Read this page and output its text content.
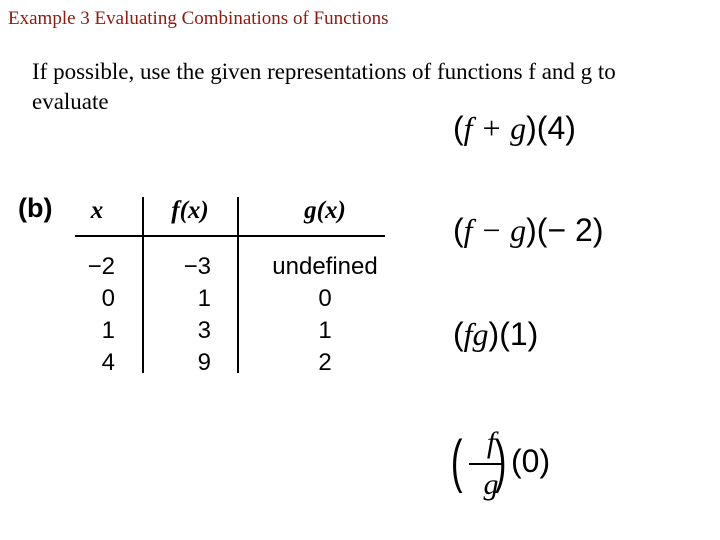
Example 3 Evaluating Combinations of Functions
If possible, use the given representations of functions f and g to evaluate
(b)	x	f(x)	g(x)
−2	−3	undefined
0	1	0
1	3	1
4	9	2
(f + g)(4)
(f − g)(− 2)
(fg)(1)
( f
g
) (0)
